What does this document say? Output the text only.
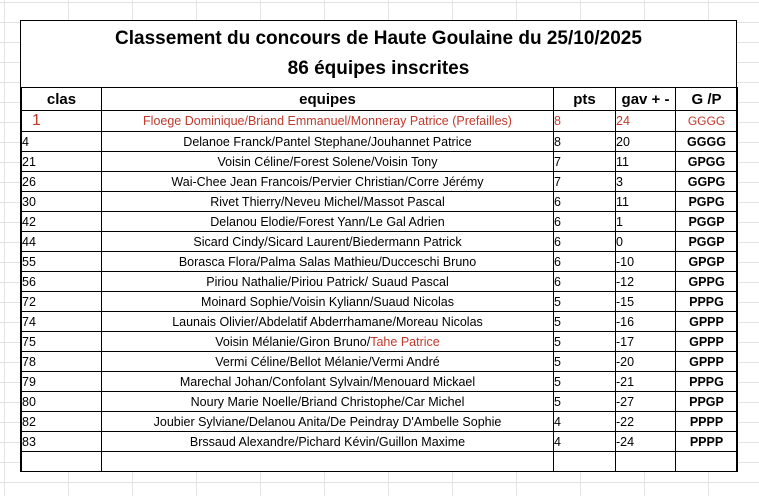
Classement du concours de Haute Goulaine du 25/10/2025
86 équipes inscrites
clas	equipes	pts	gav + -	G /P
1	Floege Dominique/Briand Emmanuel/Monneray Patrice (Prefailles)	8	24	GGGG
4	Delanoe Franck/Pantel Stephane/Jouhannet Patrice	8	20	GGGG
21	Voisin Céline/Forest Solene/Voisin Tony	7	11	GPGG
26	Wai-Chee Jean Francois/Pervier Christian/Corre Jérémy	7	3	GGPG
30	Rivet Thierry/Neveu Michel/Massot Pascal	6	11	PGPG
42	Delanou Elodie/Forest Yann/Le Gal Adrien	6	1	PGGP
44	Sicard Cindy/Sicard Laurent/Biedermann Patrick	6	0	PGGP
55	Borasca Flora/Palma Salas Mathieu/Ducceschi Bruno	6	-10	GPGP
56	Piriou Nathalie/Piriou Patrick/ Suaud Pascal	6	-12	GPPG
72	Moinard Sophie/Voisin Kyliann/Suaud Nicolas	5	-15	PPPG
74	Launais Olivier/Abdelatif Abderrhamane/Moreau Nicolas	5	-16	GPPP
75	Voisin Mélanie/Giron Bruno/Tahe Patrice	5	-17	GPPP
78	Vermi Céline/Bellot Mélanie/Vermi André	5	-20	GPPP
79	Marechal Johan/Confolant Sylvain/Menouard Mickael	5	-21	PPPG
80	Noury Marie Noelle/Briand Christophe/Car Michel	5	-27	PPGP
82	Joubier Sylviane/Delanou Anita/De Peindray D'Ambelle Sophie	4	-22	PPPP
83	Brssaud Alexandre/Pichard Kévin/Guillon Maxime	4	-24	PPPP
